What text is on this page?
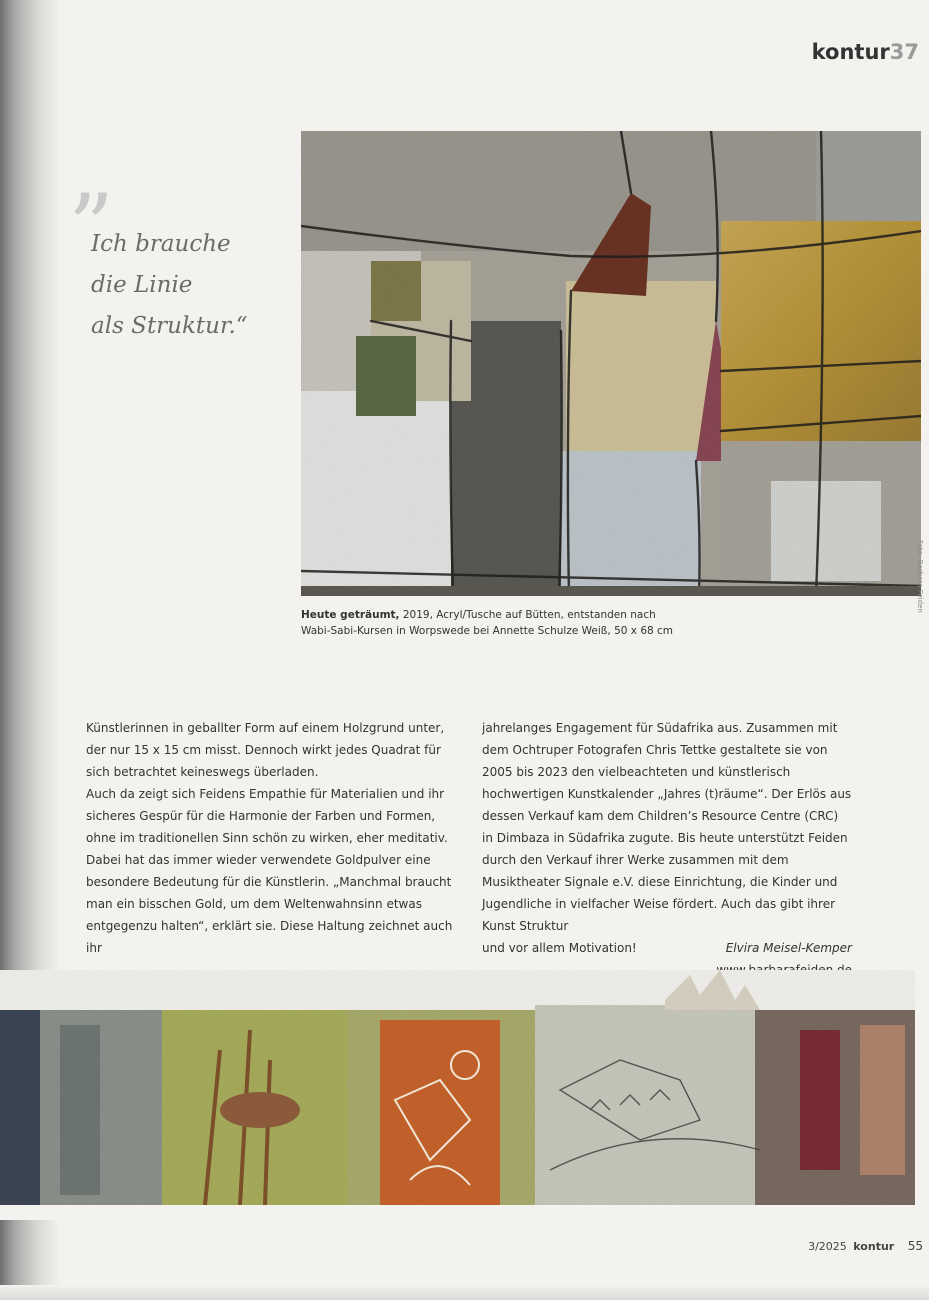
kontur37
Foto: Barbara Feiden
”
Ich brauche
die Linie
als Struktur.“
Heute geträumt, 2019, Acryl/Tusche auf Bütten, entstanden nach
Wabi-Sabi-Kursen in Worpswede bei Annette Schulze Weiß, 50 x 68 cm

Künstlerinnen in geballter Form auf einem Holzgrund unter, der nur 15 x 15 cm misst. Dennoch wirkt jedes Quadrat für sich betrachtet keineswegs überladen.

Auch da zeigt sich Feidens Empathie für Materialien und ihr sicheres Gespür für die Harmonie der Farben und Formen, ohne im traditionellen Sinn schön zu wirken, eher meditativ. Dabei hat das immer wieder verwendete Goldpulver eine besondere Bedeutung für die Künstlerin. „Manchmal braucht man ein bisschen Gold, um dem Weltenwahnsinn etwas entgegenzu halten“, erklärt sie. Diese Haltung zeichnet auch ihr

jahrelanges Engagement für Südafrika aus. Zusammen mit dem Ochtruper Fotografen Chris Tettke gestaltete sie von 2005 bis 2023 den vielbeachteten und künstlerisch hochwertigen Kunstkalender „Jahres (t)räume“. Der Erlös aus dessen Verkauf kam dem Children’s Resource Centre (CRC) in Dimbaza in Südafrika zugute. Bis heute unterstützt Feiden durch den Verkauf ihrer Werke zusammen mit dem Musiktheater Signale e.V. diese Einrichtung, die Kinder und Jugendliche in vielfacher Weise fördert. Auch das gibt ihrer Kunst Struktur

und vor allem Motivation!	Elvira Meisel-Kemper
3/2025 kontur 55
